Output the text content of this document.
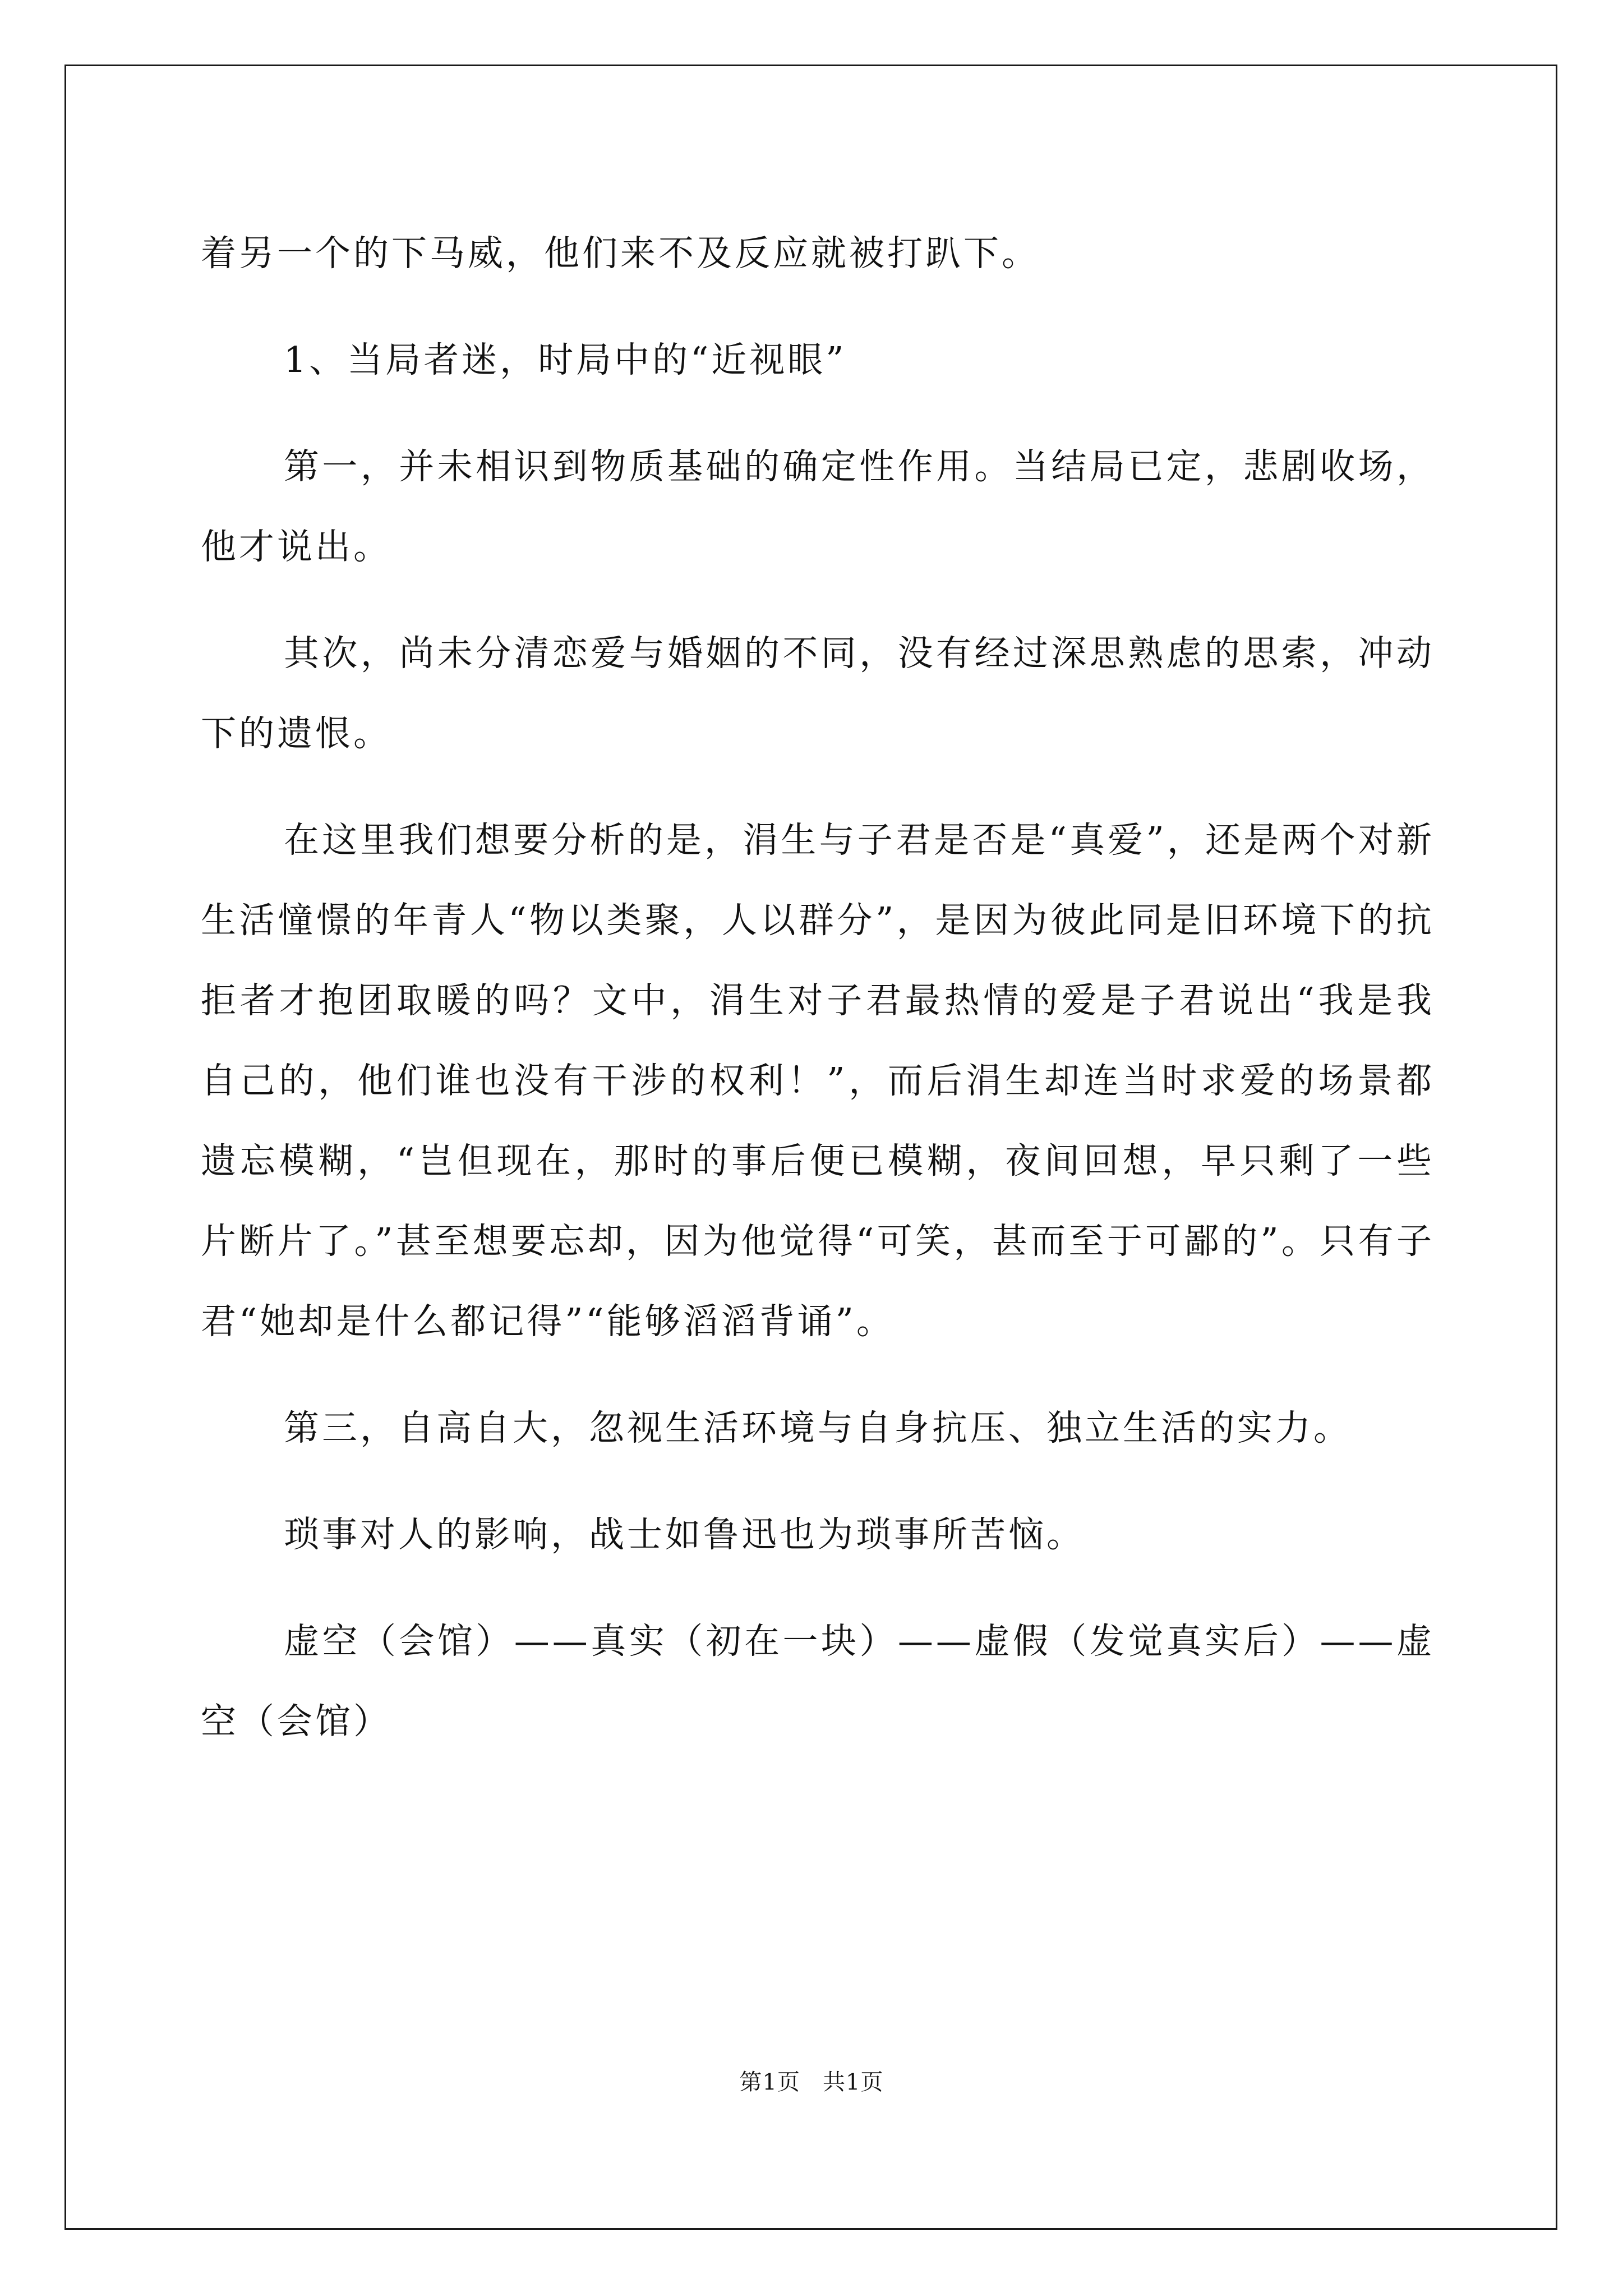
着另一个的下马威，他们来不及反应就被打趴下。

1、当局者迷，时局中的“近视眼”

第一，并未相识到物质基础的确定性作用。当结局已定，悲剧收场，他才说出。

其次，尚未分清恋爱与婚姻的不同，没有经过深思熟虑的思索，冲动下的遗恨。

在这里我们想要分析的是，涓生与子君是否是“真爱”，还是两个对新生活憧憬的年青人“物以类聚，人以群分”，是因为彼此同是旧环境下的抗拒者才抱团取暖的吗？文中，涓生对子君最热情的爱是子君说出“我是我自己的，他们谁也没有干涉的权利！”，而后涓生却连当时求爱的场景都遗忘模糊，“岂但现在，那时的事后便已模糊，夜间回想，早只剩了一些片断片了。”甚至想要忘却，因为他觉得“可笑，甚而至于可鄙的”。只有子君“她却是什么都记得”“能够滔滔背诵”。

第三，自高自大，忽视生活环境与自身抗压、独立生活的实力。

琐事对人的影响，战士如鲁迅也为琐事所苦恼。

虚空（会馆）——真实（初在一块）——虚假（发觉真实后）——虚空（会馆）

第1页 共1页
